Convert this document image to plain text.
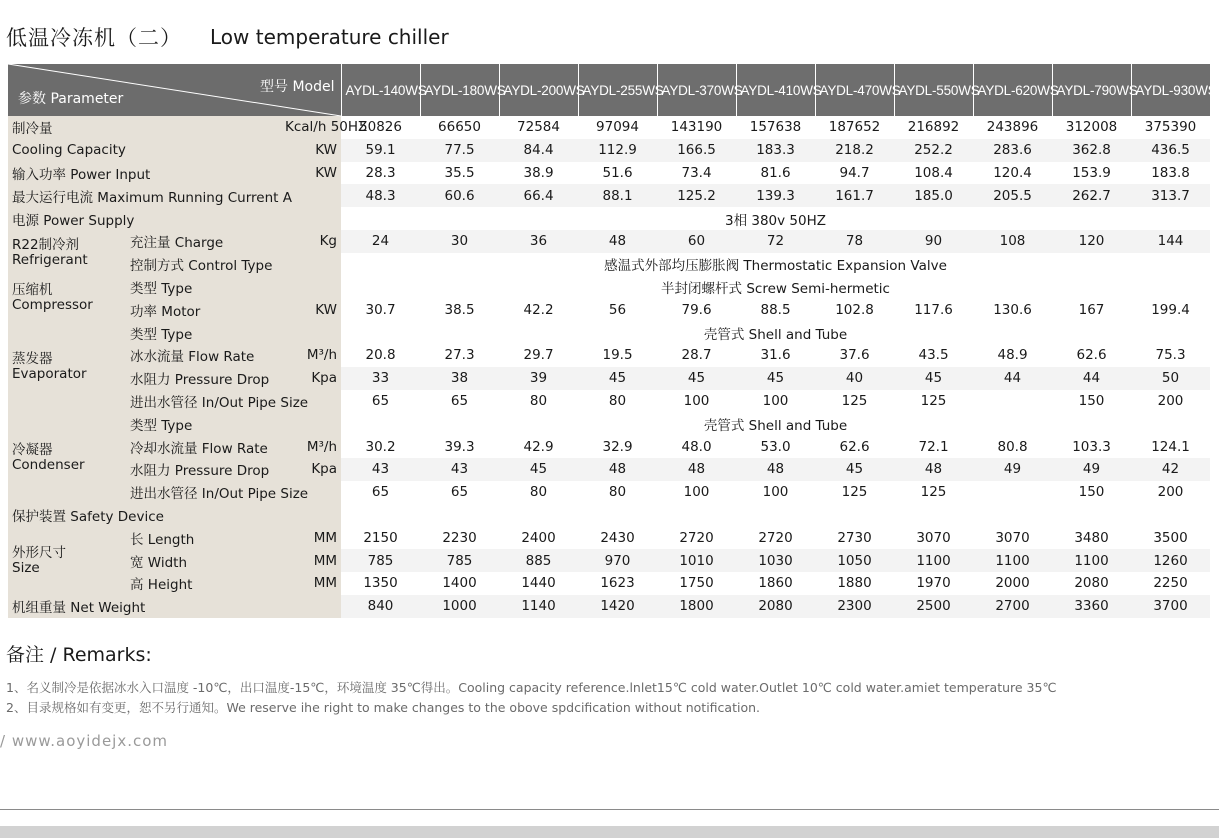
低温冷冻机（二） Low temperature chiller
型号 Model
参数 Parameter			AYDL-140WS	AYDL-180WS	AYDL-200WS	AYDL-255WS	AYDL-370WS	AYDL-410WS	AYDL-470WS	AYDL-550WS	AYDL-620WS	AYDL-790WS	AYDL-930WS
制冷量		Kcal/h 50HZ	50826	66650	72584	97094	143190	157638	187652	216892	243896	312008	375390
Cooling Capacity		KW	59.1	77.5	84.4	112.9	166.5	183.3	218.2	252.2	283.6	362.8	436.5
输入功率 Power Input		KW	28.3	35.5	38.9	51.6	73.4	81.6	94.7	108.4	120.4	153.9	183.8
最大运行电流 Maximum Running Current A			48.3	60.6	66.4	88.1	125.2	139.3	161.7	185.0	205.5	262.7	313.7
电源 Power Supply			3相 380v 50HZ										
R22制冷剂
Refrigerant	充注量 Charge	Kg	24	30	36	48	60	72	78	90	108	120	144
	控制方式 Control Type		感温式外部均压膨胀阀 Thermostatic Expansion Valve										
压缩机
Compressor	类型 Type		半封闭螺杆式 Screw Semi-hermetic										
	功率 Motor	KW	30.7	38.5	42.2	56	79.6	88.5	102.8	117.6	130.6	167	199.4
蒸发器
Evaporator	类型 Type		壳管式 Shell and Tube										
	冰水流量 Flow Rate	M³/h	20.8	27.3	29.7	19.5	28.7	31.6	37.6	43.5	48.9	62.6	75.3
	水阻力 Pressure Drop	Kpa	33	38	39	45	45	45	40	45	44	44	50
	进出水管径 In/Out Pipe Size		65	65	80	80	100	100	125	125		150	200
冷凝器
Condenser	类型 Type		壳管式 Shell and Tube										
	冷却水流量 Flow Rate	M³/h	30.2	39.3	42.9	32.9	48.0	53.0	62.6	72.1	80.8	103.3	124.1
	水阻力 Pressure Drop	Kpa	43	43	45	48	48	48	45	48	49	49	42
	进出水管径 In/Out Pipe Size		65	65	80	80	100	100	125	125		150	200
保护装置 Safety Device													
外形尺寸
Size	长 Length	MM	2150	2230	2400	2430	2720	2720	2730	3070	3070	3480	3500
	宽 Width	MM	785	785	885	970	1010	1030	1050	1100	1100	1100	1260
	高 Height	MM	1350	1400	1440	1623	1750	1860	1880	1970	2000	2080	2250
机组重量 Net Weight			840	1000	1140	1420	1800	2080	2300	2500	2700	3360	3700
备注 / Remarks:
1、名义制冷是依据冰水入口温度 -10℃，出口温度-15℃，环境温度 35℃得出。Cooling capacity reference.lnlet15℃ cold water.Outlet 10℃ cold water.amiet temperature 35℃
2、目录规格如有变更，恕不另行通知。We reserve ihe right to make changes to the obove spdcification without notification.
/ www.aoyidejx.com
